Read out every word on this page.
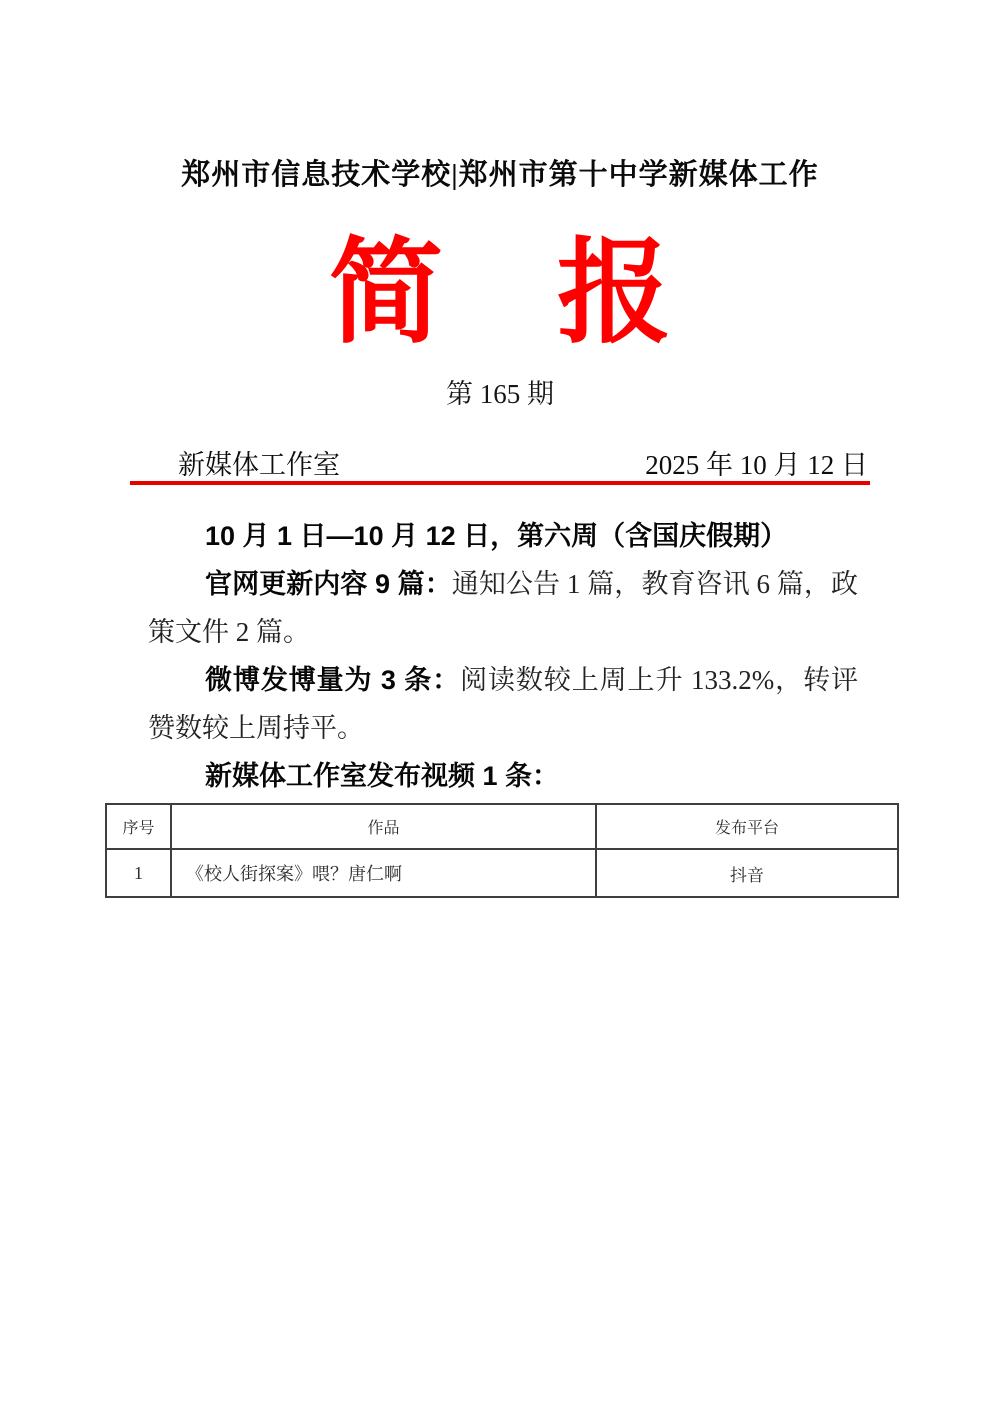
郑州市信息技术学校|郑州市第十中学新媒体工作
简　报
第 165 期
新媒体工作室	2025 年 10 月 12 日

10 月 1 日—10 月 12 日，第六周（含国庆假期）

官网更新内容 9 篇：通知公告 1 篇，教育咨讯 6 篇，政策文件 2 篇。

微博发博量为 3 条：阅读数较上周上升 133.2%，转评赞数较上周持平。

新媒体工作室发布视频 1 条：

序号	作品	发布平台
1	《校人街探案》喂？唐仁啊	抖音
